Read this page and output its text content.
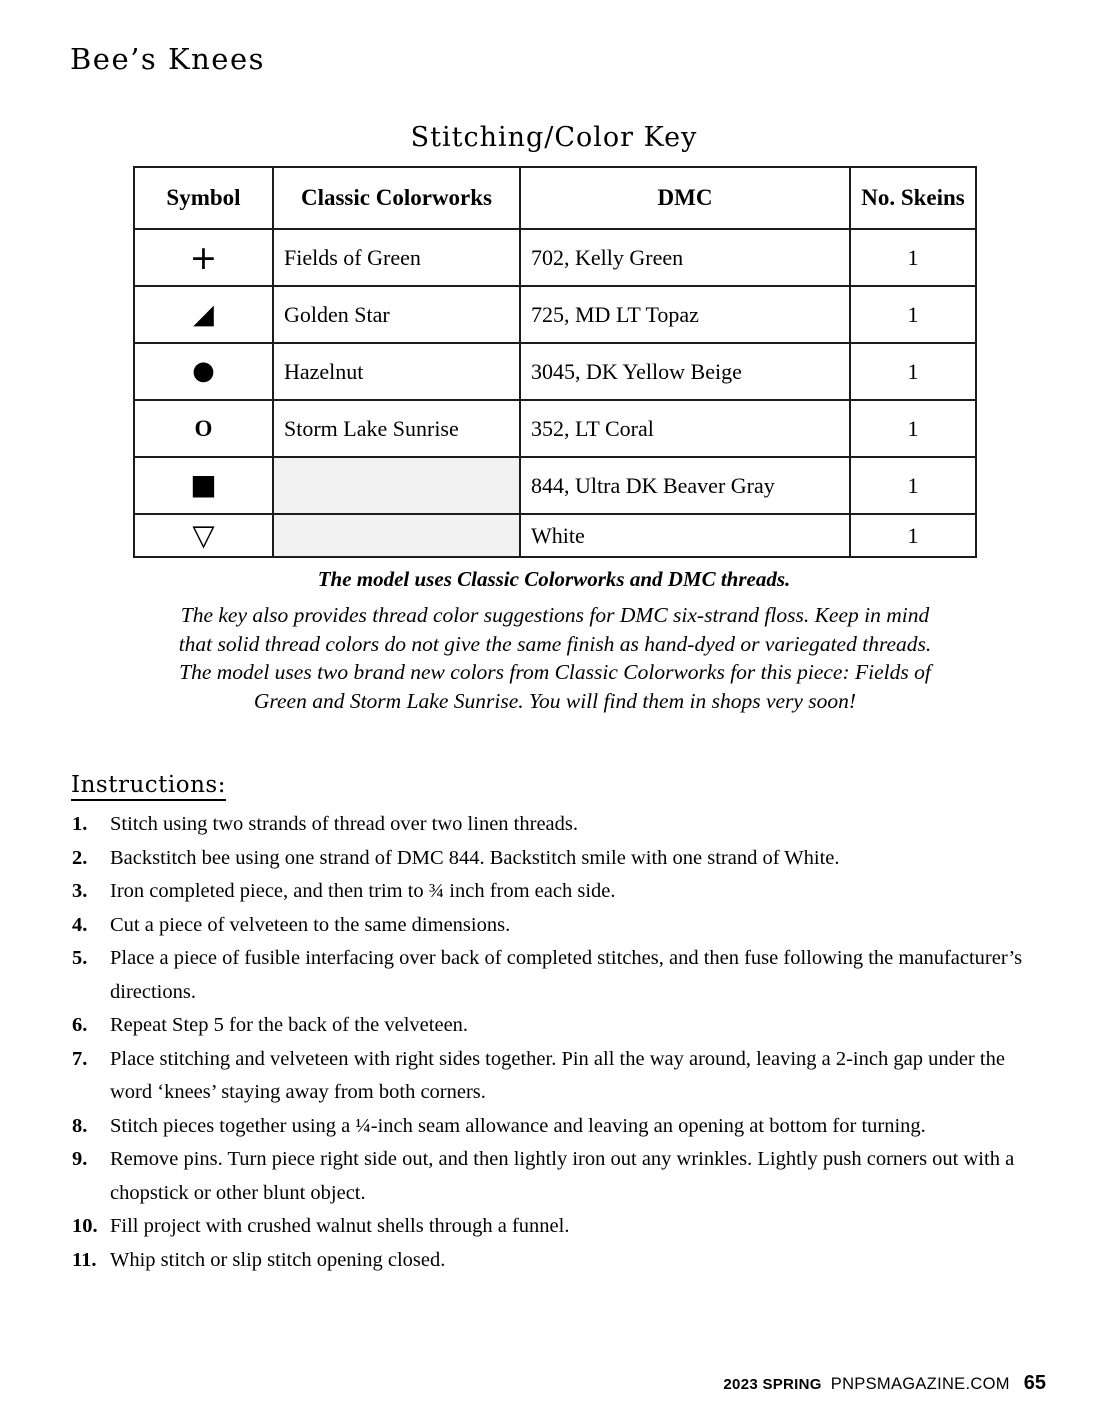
Bee’s Knees
Stitching/Color Key
Symbol	Classic Colorworks	DMC	No. Skeins
+	Fields of Green	702, Kelly Green	1
◢	Golden Star	725, MD LT Topaz	1
●	Hazelnut	3045, DK Yellow Beige	1
O	Storm Lake Sunrise	352, LT Coral	1
■		844, Ultra DK Beaver Gray	1
▽		White	1
The model uses Classic Colorworks and DMC threads.
The key also provides thread color suggestions for DMC six-strand floss. Keep in mind
that solid thread colors do not give the same finish as hand-dyed or variegated threads.
The model uses two brand new colors from Classic Colorworks for this piece: Fields of
Green and Storm Lake Sunrise. You will find them in shops very soon!
Instructions:
1.	Stitch using two strands of thread over two linen threads.
2.	Backstitch bee using one strand of DMC 844. Backstitch smile with one strand of White.
3.	Iron completed piece, and then trim to ¾ inch from each side.
4.	Cut a piece of velveteen to the same dimensions.
5.	Place a piece of fusible interfacing over back of completed stitches, and then fuse following the manufacturer’s directions.
6.	Repeat Step 5 for the back of the velveteen.
7.	Place stitching and velveteen with right sides together. Pin all the way around, leaving a 2-inch gap under the word ‘knees’ staying away from both corners.
8.	Stitch pieces together using a ¼-inch seam allowance and leaving an opening at bottom for turning.
9.	Remove pins. Turn piece right side out, and then lightly iron out any wrinkles. Lightly push corners out with a chopstick or other blunt object.
10. Fill project with crushed walnut shells through a funnel.
11. Whip stitch or slip stitch opening closed.
2023 SPRING PNPSMAGAZINE.COM 65
